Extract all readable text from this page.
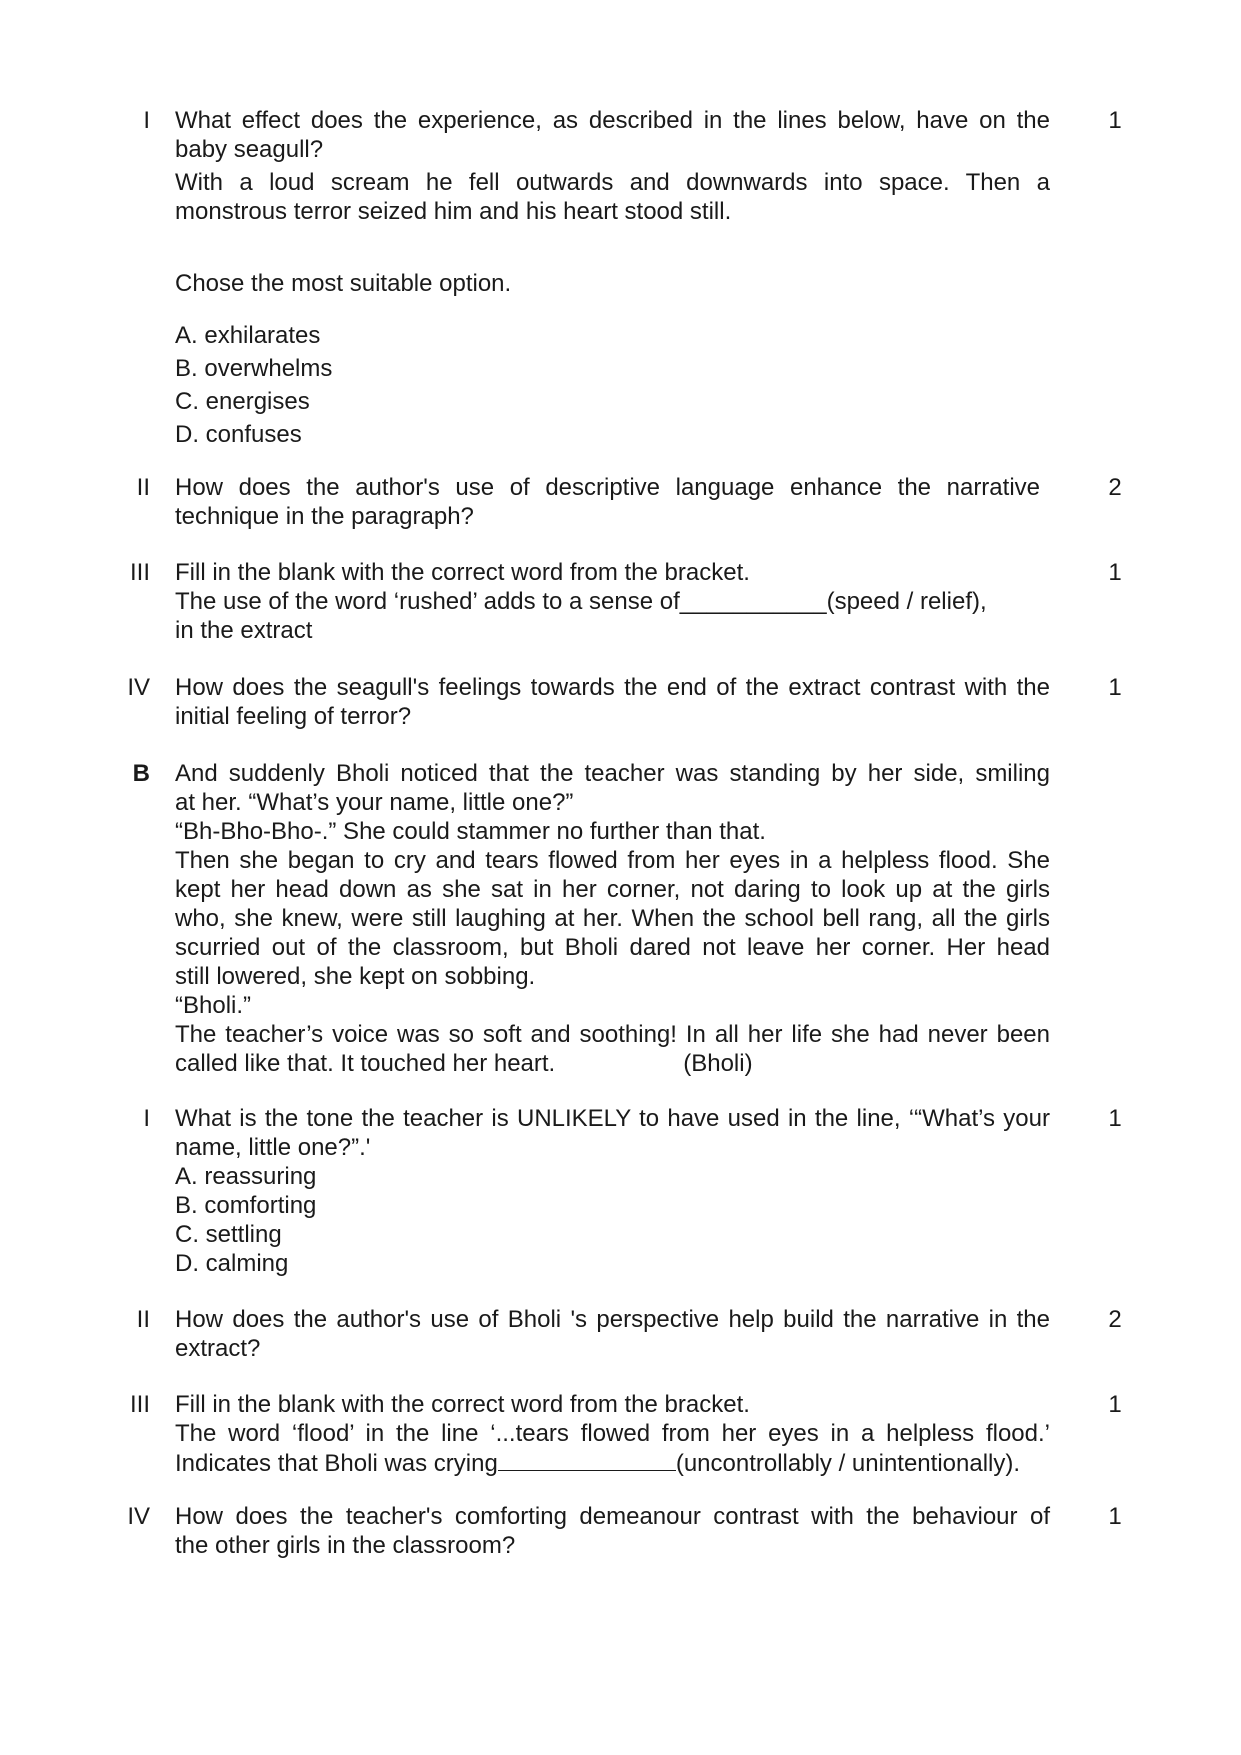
I What effect does the experience, as described in the lines below, have on the
baby seagull?
With a loud scream he fell outwards and downwards into space. Then a
monstrous terror seized him and his heart stood still.
1
Chose the most suitable option.
A. exhilarates
B. overwhelms
C. energises
D. confuses
II How does the author's use of descriptive language enhance the narrative
technique in the paragraph?
2
III Fill in the blank with the correct word from the bracket.
The use of the word ‘rushed’ adds to a sense of___________(speed / relief),
in the extract
1
IV How does the seagull's feelings towards the end of the extract contrast with the
initial feeling of terror?
1
B And suddenly Bholi noticed that the teacher was standing by her side, smiling
at her. “What’s your name, little one?”
“Bh-Bho-Bho-.” She could stammer no further than that.
Then she began to cry and tears flowed from her eyes in a helpless flood. She
kept her head down as she sat in her corner, not daring to look up at the girls
who, she knew, were still laughing at her. When the school bell rang, all the girls
scurried out of the classroom, but Bholi dared not leave her corner. Her head
still lowered, she kept on sobbing.
“Bholi.”
The teacher’s voice was so soft and soothing! In all her life she had never been
called like that. It touched her heart.	(Bholi)
I What is the tone the teacher is UNLIKELY to have used in the line, ‘“What’s your
name, little one?”.'
A. reassuring
B. comforting
C. settling
D. calming
1
II How does the author's use of Bholi 's perspective help build the narrative in the
extract?
2
III Fill in the blank with the correct word from the bracket.
The word ‘flood’ in the line ‘...tears flowed from her eyes in a helpless flood.’
Indicates that Bholi was crying	(uncontrollably / unintentionally).
1
IV How does the teacher's comforting demeanour contrast with the behaviour of
the other girls in the classroom?
1
